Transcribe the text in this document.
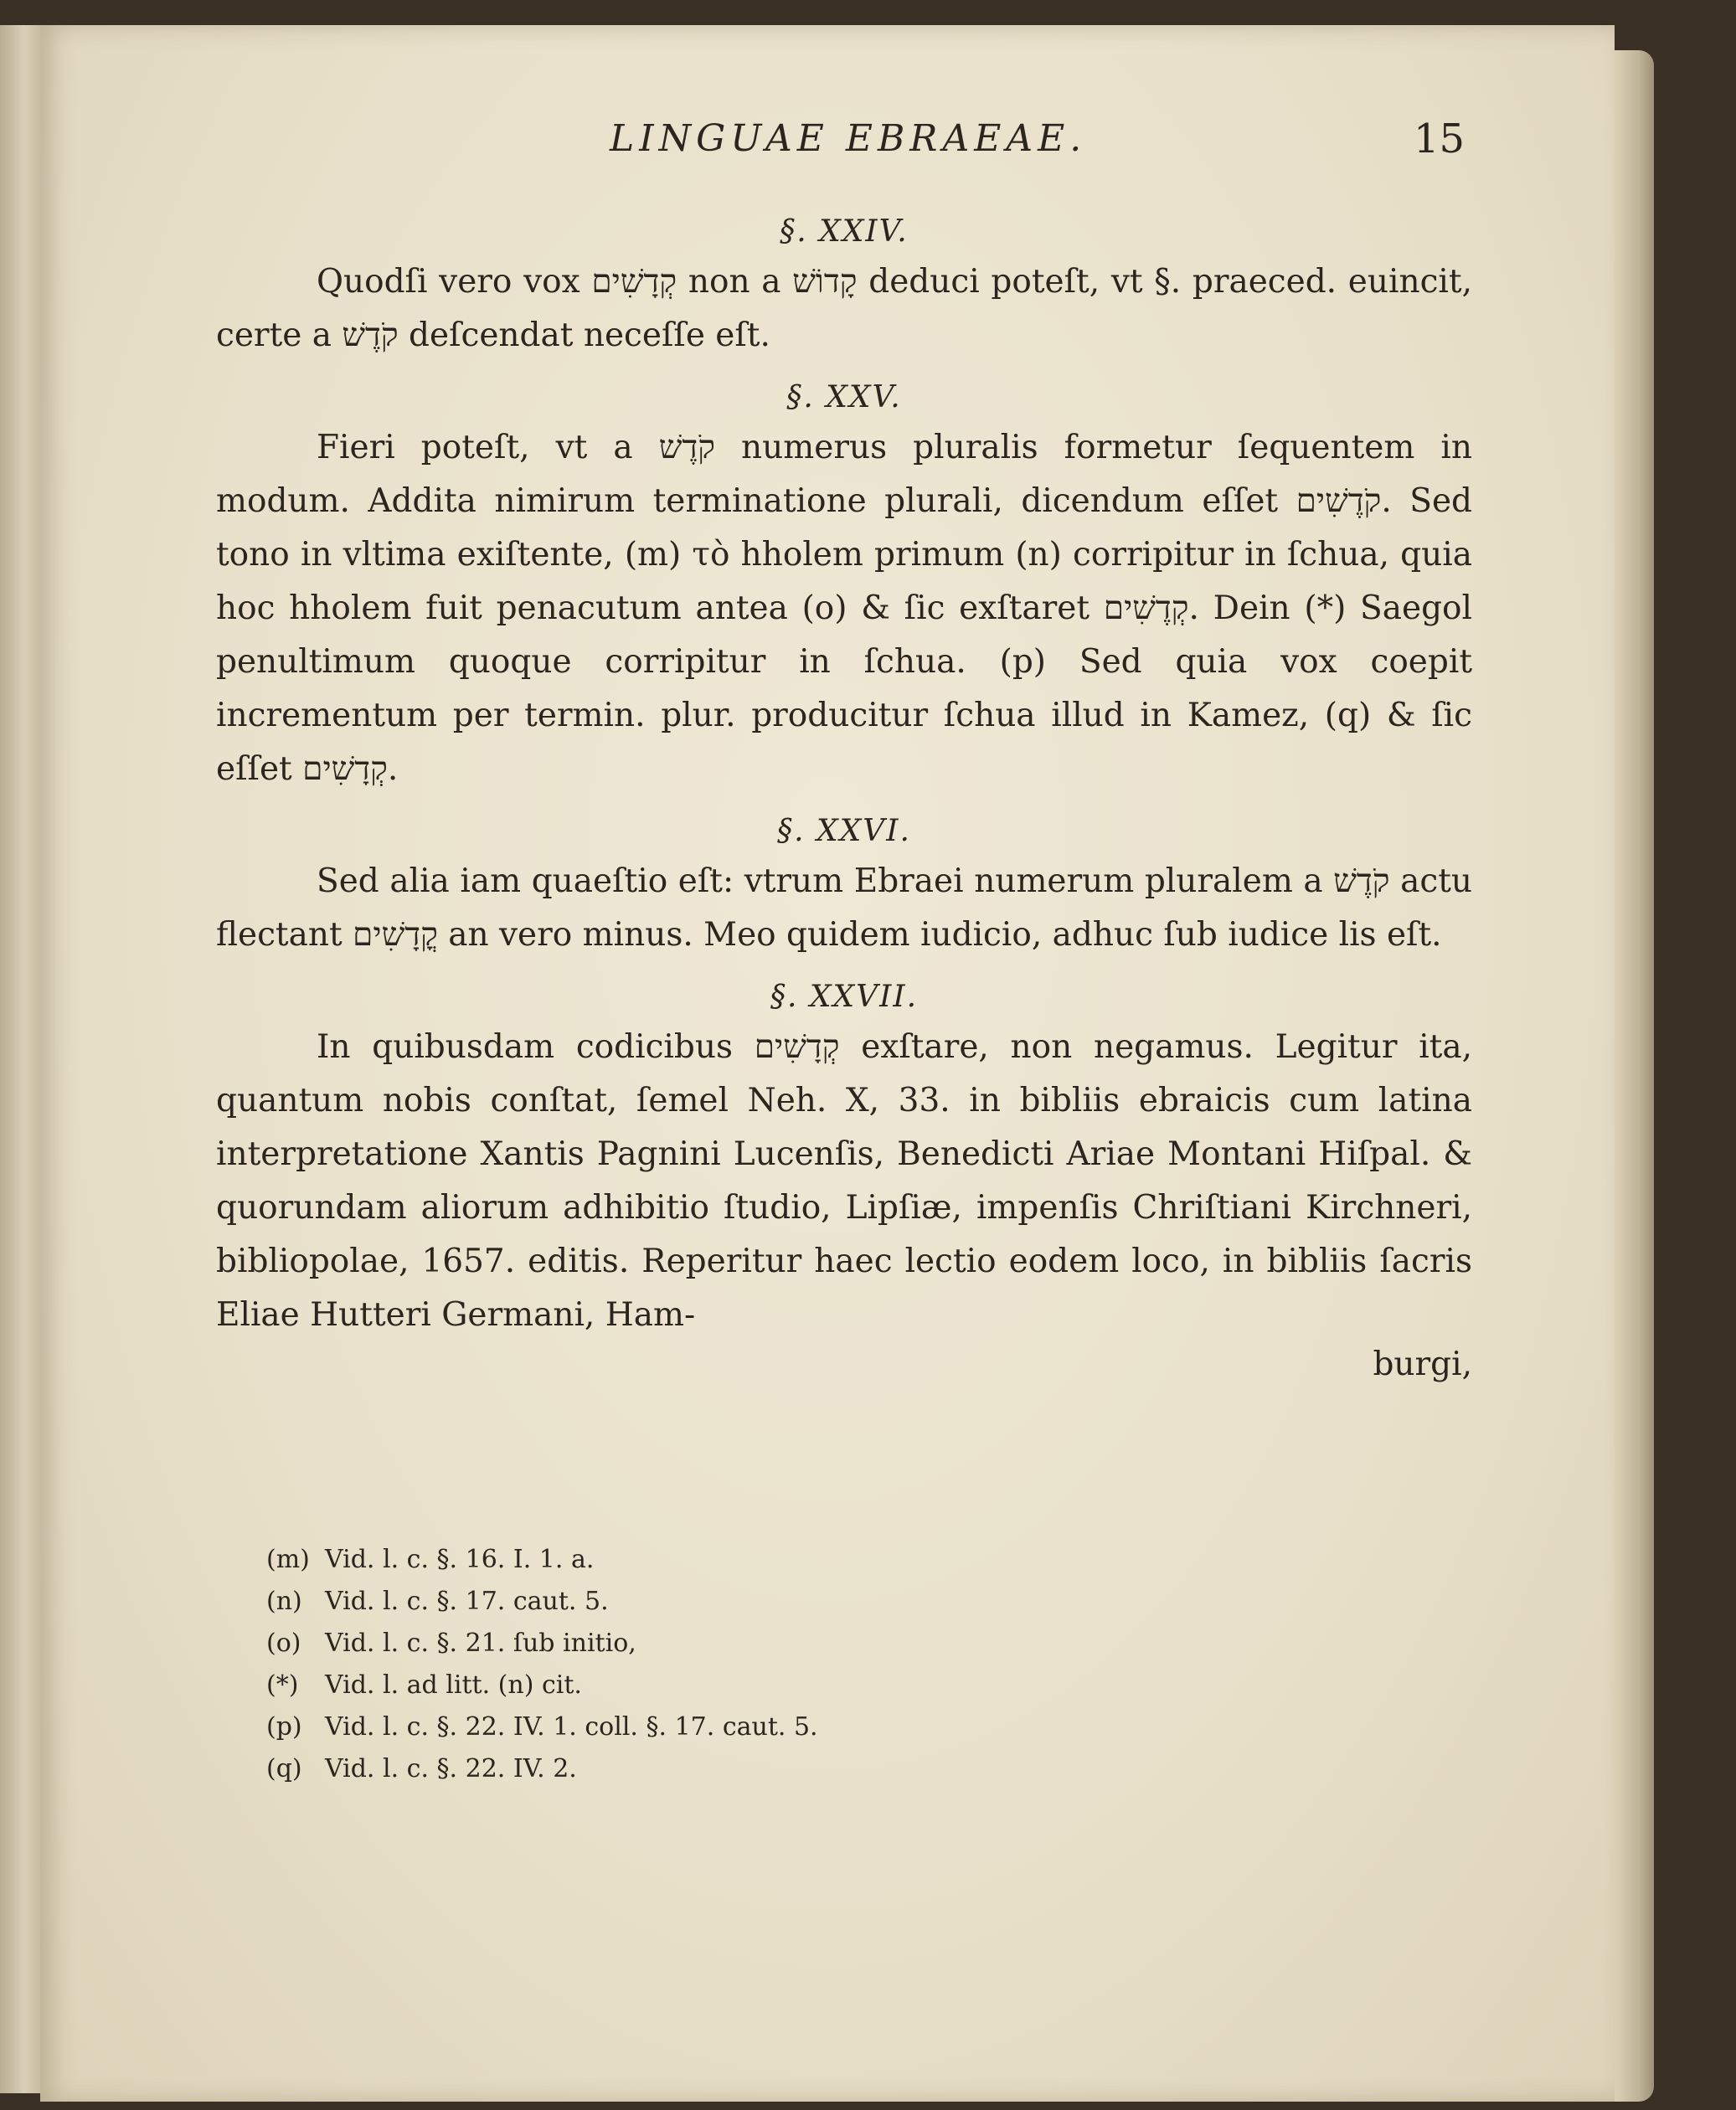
LINGUAE EBRAEAE.	15
§. XXIV.

Quodſi vero vox קְדָשִׁים non a קָדוֹשׁ deduci poteſt, vt §. praeced. euincit, certe a קֹדֶשׁ deſcendat neceſſe eſt.

§. XXV.

Fieri poteſt, vt a קֹדֶשׁ numerus pluralis formetur ſequentem in modum. Addita nimirum terminatione plurali, dicendum eſſet קֹדֶשִׁים. Sed tono in vltima exiſtente, (m) τὸ hholem primum (n) corripitur in ſchua, quia hoc hholem fuit penacutum antea (o) & ſic exſtaret קְדֶשִׁים. Dein (*) Saegol penultimum quoque corripitur in ſchua. (p) Sed quia vox coepit incrementum per termin. plur. producitur ſchua illud in Kamez, (q) & ſic eſſet קְדָשִׁים.

§. XXVI.

Sed alia iam quaeſtio eſt: vtrum Ebraei numerum pluralem a קֹדֶשׁ actu flectant קֳדָשִׁים an vero minus. Meo quidem iudicio, adhuc ſub iudice lis eſt.

§. XXVII.

In quibusdam codicibus קְדָשִׁים exſtare, non negamus. Legitur ita, quantum nobis conſtat, ſemel Neh. X, 33. in bibliis ebraicis cum latina interpretatione Xantis Pagnini Lucenſis, Benedicti Ariae Montani Hiſpal. & quorundam aliorum adhibitio ſtudio, Lipſiæ, impenſis Chriſtiani Kirchneri, bibliopolae, 1657. editis. Reperitur haec lectio eodem loco, in bibliis ſacris Eliae Hutteri Germani, Ham-

burgi,

(m) Vid. l. c. §. 16. I. 1. a.

(n) Vid. l. c. §. 17. caut. 5.

(o) Vid. l. c. §. 21. ſub initio,

(*) Vid. l. ad litt. (n) cit.

(p) Vid. l. c. §. 22. IV. 1. coll. §. 17. caut. 5.

(q) Vid. l. c. §. 22. IV. 2.
